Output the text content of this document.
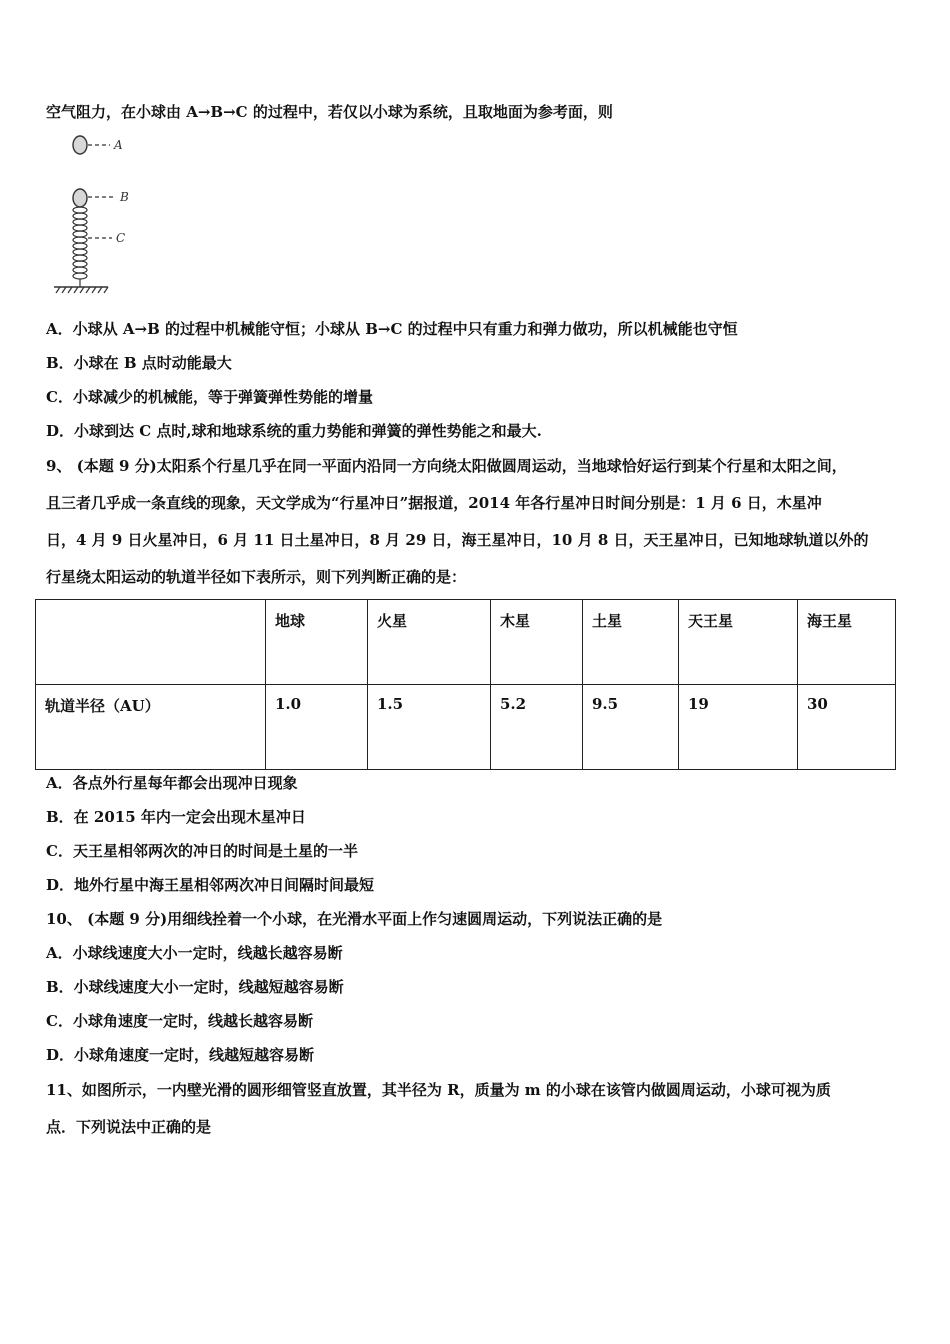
空气阻力，在小球由 A→B→C 的过程中，若仅以小球为系统，且取地面为参考面，则
A
B
C
A．小球从 A→B 的过程中机械能守恒；小球从 B→C 的过程中只有重力和弹力做功，所以机械能也守恒
B．小球在 B 点时动能最大
C．小球减少的机械能，等于弹簧弹性势能的增量
D．小球到达 C 点时,球和地球系统的重力势能和弹簧的弹性势能之和最大.
9、 (本题 9 分)太阳系个行星几乎在同一平面内沿同一方向绕太阳做圆周运动，当地球恰好运行到某个行星和太阳之间，
且三者几乎成一条直线的现象，天文学成为“行星冲日”据报道，2014 年各行星冲日时间分别是：1 月 6 日，木星冲
日，4 月 9 日火星冲日，6 月 11 日土星冲日，8 月 29 日，海王星冲日，10 月 8 日，天王星冲日，已知地球轨道以外的
行星绕太阳运动的轨道半径如下表所示，则下列判断正确的是：
	地球	火星	木星	土星	天王星	海王星
轨道半径（AU）	1.0	1.5	5.2	9.5	19	30
A．各点外行星每年都会出现冲日现象
B．在 2015 年内一定会出现木星冲日
C．天王星相邻两次的冲日的时间是土星的一半
D．地外行星中海王星相邻两次冲日间隔时间最短
10、 (本题 9 分)用细线拴着一个小球，在光滑水平面上作匀速圆周运动，下列说法正确的是
A．小球线速度大小一定时，线越长越容易断
B．小球线速度大小一定时，线越短越容易断
C．小球角速度一定时，线越长越容易断
D．小球角速度一定时，线越短越容易断
11、如图所示，一内壁光滑的圆形细管竖直放置，其半径为 R，质量为 m 的小球在该管内做圆周运动，小球可视为质
点．下列说法中正确的是
